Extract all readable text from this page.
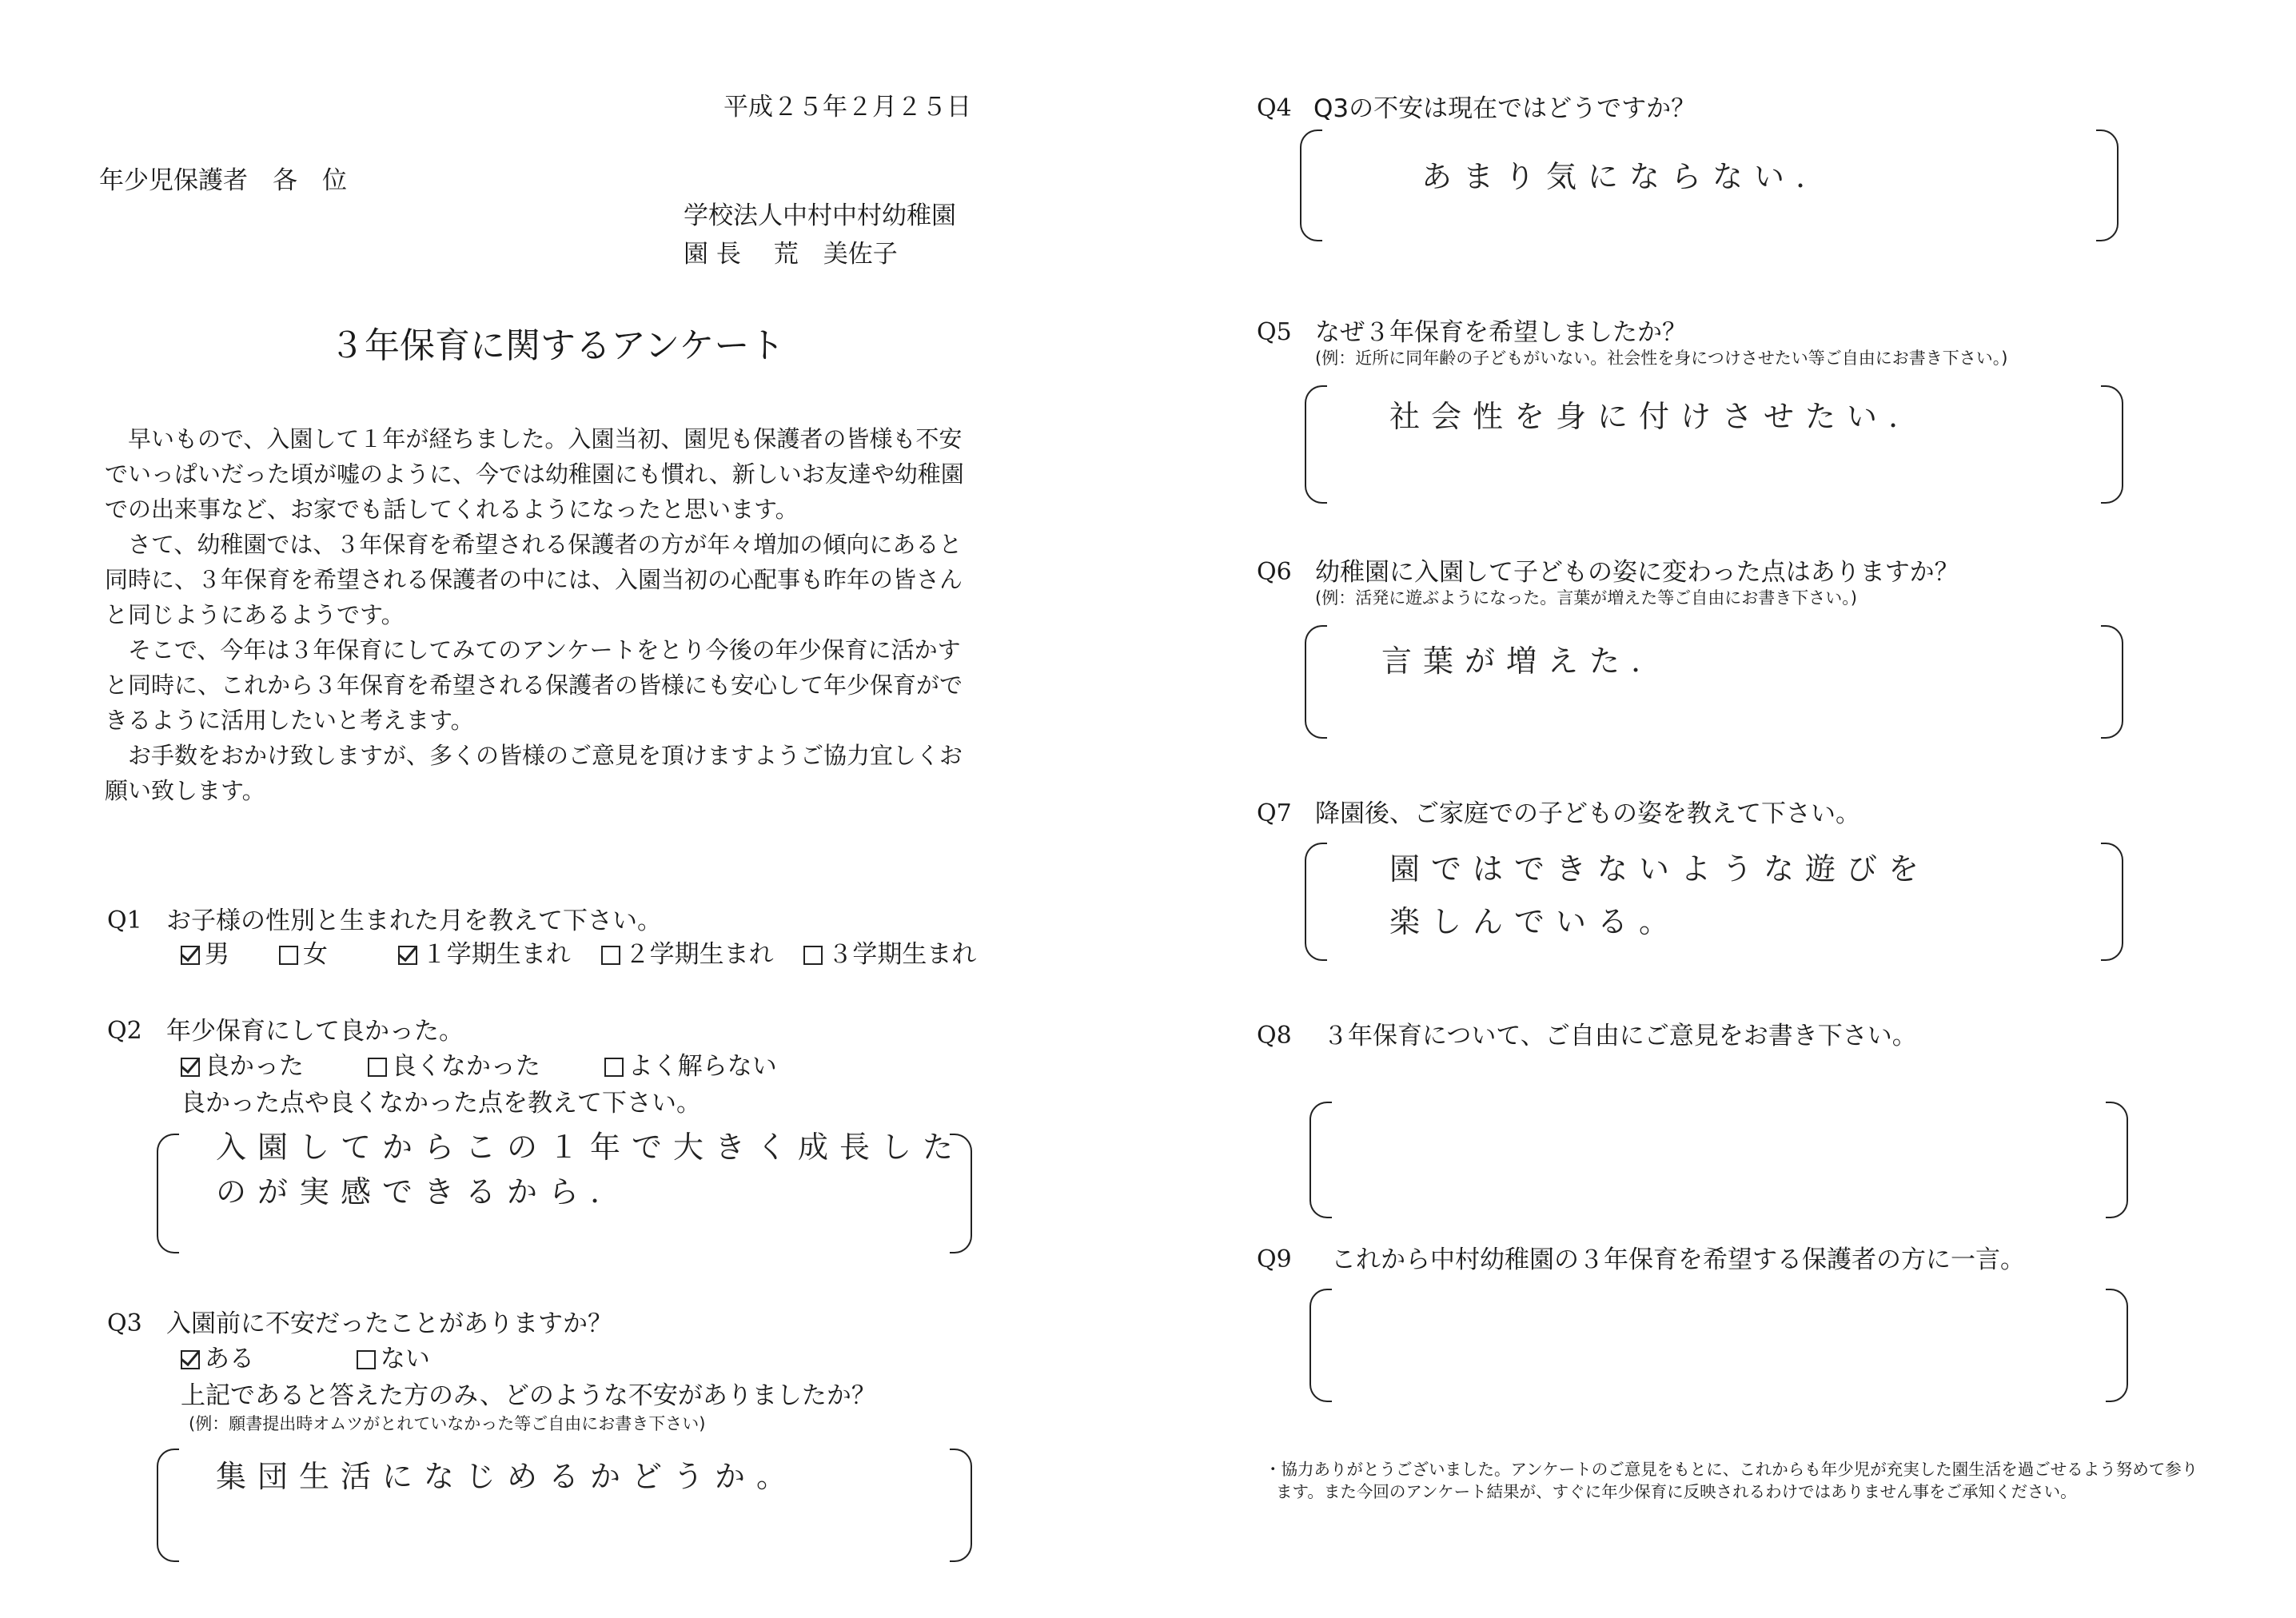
平成２５年２月２５日
年少児保護者　各　位
学校法人中村中村幼稚園
園 長　 荒　美佐子
３年保育に関するアンケート

早いもので、入園して１年が経ちました。入園当初、園児も保護者の皆様も不安でいっぱいだった頃が嘘のように、今では幼稚園にも慣れ、新しいお友達や幼稚園での出来事など、お家でも話してくれるようになったと思います。

さて、幼稚園では、３年保育を希望される保護者の方が年々増加の傾向にあると同時に、３年保育を希望される保護者の中には、入園当初の心配事も昨年の皆さんと同じようにあるようです。

そこで、今年は３年保育にしてみてのアンケートをとり今後の年少保育に活かすと同時に、これから３年保育を希望される保護者の皆様にも安心して年少保育ができるように活用したいと考えます。

お手数をおかけ致しますが、多くの皆様のご意見を頂けますようご協力宜しくお願い致します。

Q1 お子様の性別と生まれた月を教えて下さい。
男	女	１学期生まれ ２学期生まれ ３学期生まれ
Q2 年少保育にして良かった。
良かった	良くなかった	よく解らない
良かった点や良くなかった点を教えて下さい。
入園してからこの１年で大きく成長した
のが実感できるから.
Q3 入園前に不安だったことがありますか？
ある	ない
上記であると答えた方のみ、どのような不安がありましたか？
(例：願書提出時オムツがとれていなかった等ご自由にお書き下さい)
集団生活になじめるかどうか。
Q4 Q3の不安は現在ではどうですか？
あまり気にならない.
Q5 なぜ３年保育を希望しましたか？
(例：近所に同年齢の子どもがいない。社会性を身につけさせたい等ご自由にお書き下さい。)
社会性を身に付けさせたい.
Q6 幼稚園に入園して子どもの姿に変わった点はありますか？
(例：活発に遊ぶようになった。言葉が増えた等ご自由にお書き下さい。)
言葉が増えた.
Q7 降園後、ご家庭での子どもの姿を教えて下さい。
園ではできないような遊びを
楽しんでいる。
Q8 ３年保育について、ご自由にご意見をお書き下さい。
Q9 これから中村幼稚園の３年保育を希望する保護者の方に一言。
・協力ありがとうございました。アンケートのご意見をもとに、これからも年少児が充実した園生活を過ごせるよう努めて参り
ます。また今回のアンケート結果が、すぐに年少保育に反映されるわけではありません事をご承知ください。
